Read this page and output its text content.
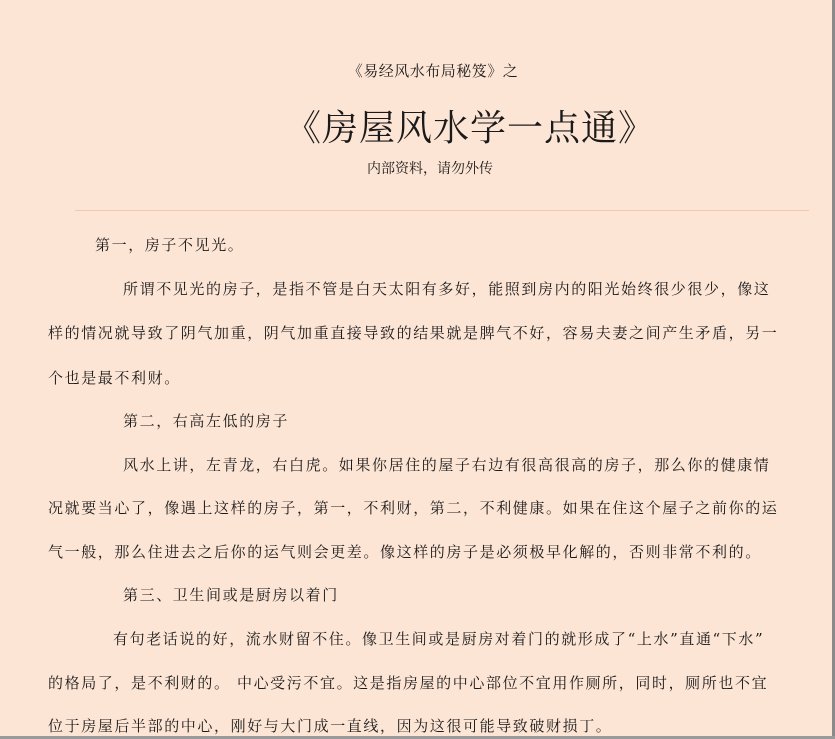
《易经风水布局秘笈》之
《房屋风水学一点通》
内部资料，请勿外传
第一，房子不见光。
所谓不见光的房子，是指不管是白天太阳有多好，能照到房内的阳光始终很少很少，像这
样的情况就导致了阴气加重，阴气加重直接导致的结果就是脾气不好，容易夫妻之间产生矛盾，另一
个也是最不利财。
第二，右高左低的房子
风水上讲，左青龙，右白虎。如果你居住的屋子右边有很高很高的房子，那么你的健康情
况就要当心了，像遇上这样的房子，第一，不利财，第二，不利健康。如果在住这个屋子之前你的运
气一般，那么住进去之后你的运气则会更差。像这样的房子是必须极早化解的，否则非常不利的。
第三、卫生间或是厨房以着门
有句老话说的好，流水财留不住。像卫生间或是厨房对着门的就形成了“上水”直通“下水”
的格局了，是不利财的。 中心受污不宜。这是指房屋的中心部位不宜用作厕所，同时，厕所也不宜
位于房屋后半部的中心，刚好与大门成一直线，因为这很可能导致破财损丁。
